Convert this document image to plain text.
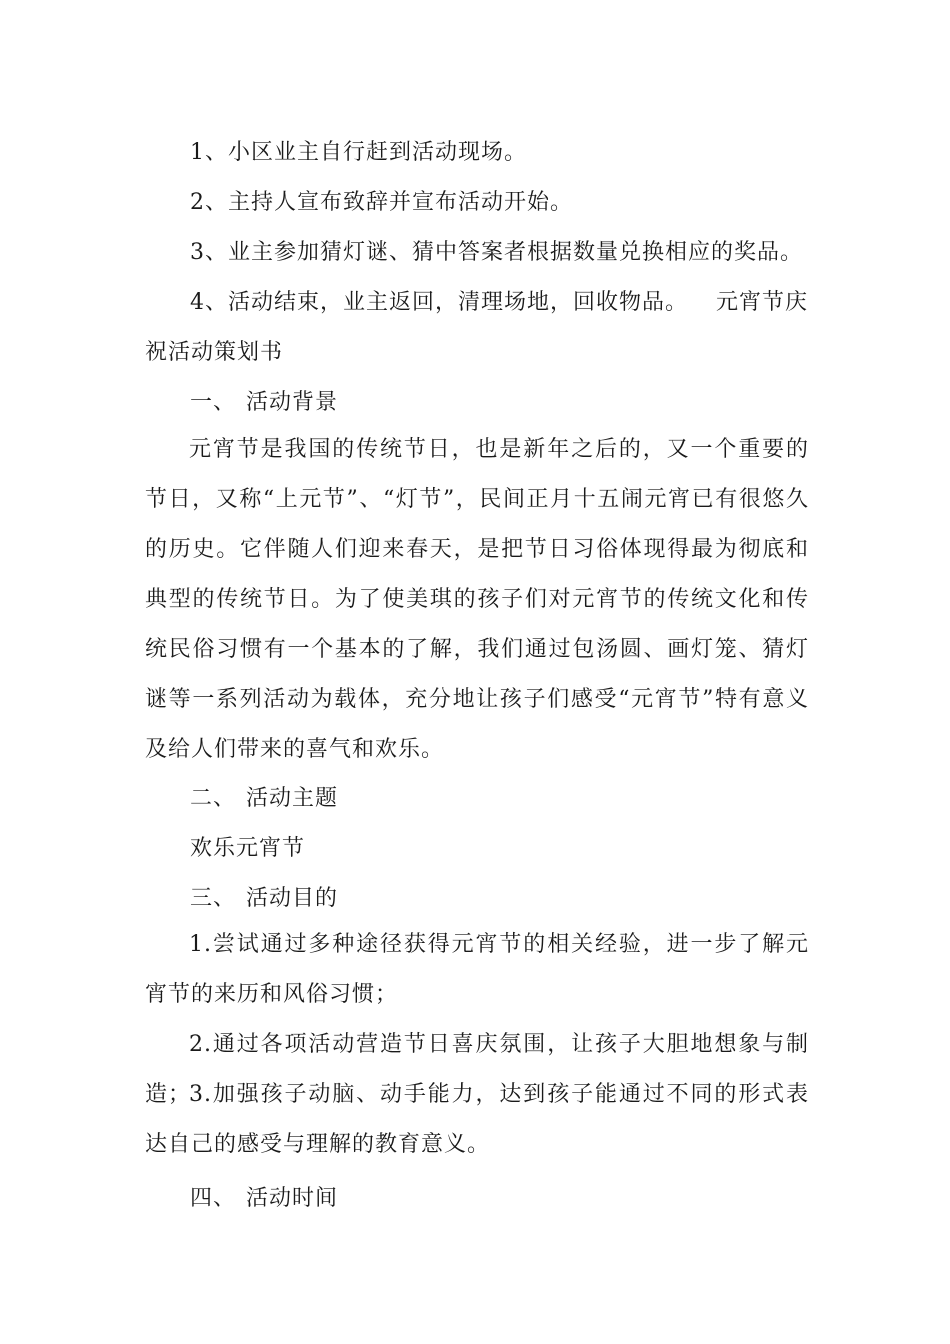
1、小区业主自行赶到活动现场。
2、主持人宣布致辞并宣布活动开始。
3、业主参加猜灯谜、猜中答案者根据数量兑换相应的奖品。
4、活动结束，业主返回，清理场地，回收物品。 元宵节庆
祝活动策划书
一、 活动背景
元宵节是我国的传统节日，也是新年之后的，又一个重要的节日，又称“上元节”、“灯节”，民间正月十五闹元宵已有很悠久的历史。它伴随人们迎来春天，是把节日习俗体现得最为彻底和典型的传统节日。为了使美琪的孩子们对元宵节的传统文化和传统民俗习惯有一个基本的了解，我们通过包汤圆、画灯笼、猜灯谜等一系列活动为载体，充分地让孩子们感受“元宵节”特有意义及给人们带来的喜气和欢乐。
二、 活动主题
欢乐元宵节
三、 活动目的
1.尝试通过多种途径获得元宵节的相关经验，进一步了解元宵节的来历和风俗习惯；
2.通过各项活动营造节日喜庆氛围，让孩子大胆地想象与制造；
3.加强孩子动脑、动手能力，达到孩子能通过不同的形式表达自己的感受与理解的教育意义。
四、 活动时间
